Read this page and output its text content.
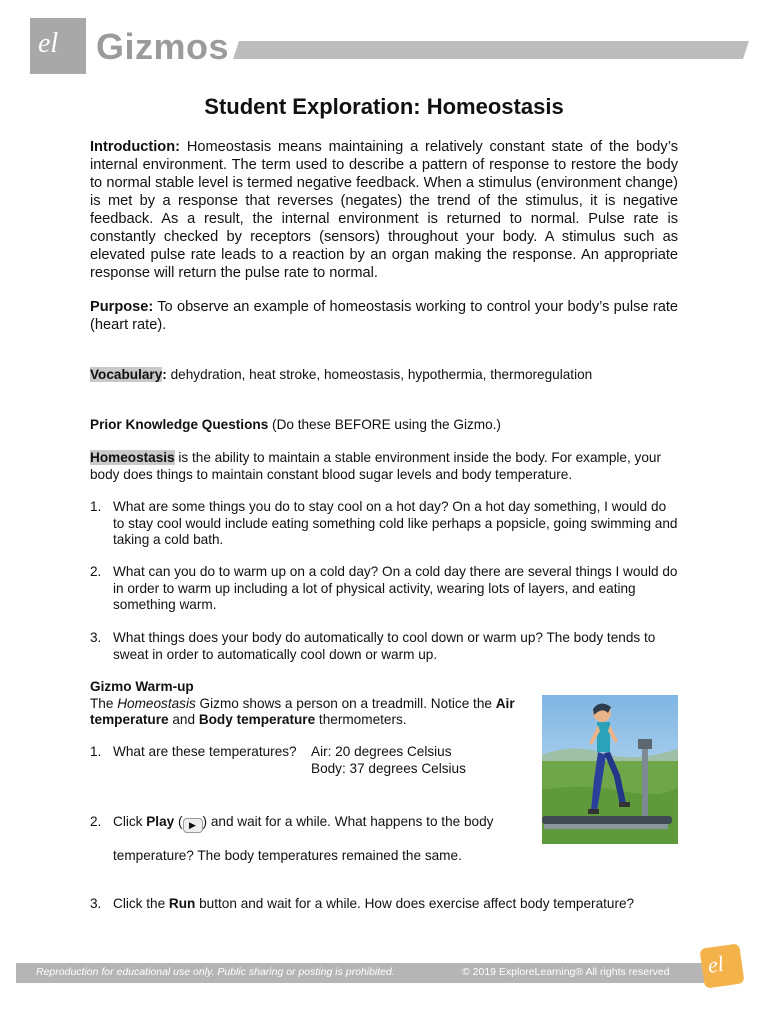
el Gizmos
Student Exploration: Homeostasis
Introduction: Homeostasis means maintaining a relatively constant state of the body’s internal environment. The term used to describe a pattern of response to restore the body to normal stable level is termed negative feedback. When a stimulus (environment change) is met by a response that reverses (negates) the trend of the stimulus, it is negative feedback. As a result, the internal environment is returned to normal. Pulse rate is constantly checked by receptors (sensors) throughout your body. A stimulus such as elevated pulse rate leads to a reaction by an organ making the response. An appropriate response will return the pulse rate to normal.
Purpose: To observe an example of homeostasis working to control your body’s pulse rate (heart rate).
Vocabulary: dehydration, heat stroke, homeostasis, hypothermia, thermoregulation
Prior Knowledge Questions (Do these BEFORE using the Gizmo.)
Homeostasis is the ability to maintain a stable environment inside the body. For example, your body does things to maintain constant blood sugar levels and body temperature.
1. What are some things you do to stay cool on a hot day? On a hot day something, I would do to stay cool would include eating something cold like perhaps a popsicle, going swimming and taking a cold bath.
2. What can you do to warm up on a cold day? On a cold day there are several things I would do in order to warm up including a lot of physical activity, wearing lots of layers, and eating something warm.
3. What things does your body do automatically to cool down or warm up? The body tends to sweat in order to automatically cool down or warm up.
Gizmo Warm-up
The Homeostasis Gizmo shows a person on a treadmill. Notice the Air temperature and Body temperature thermometers.
1. What are these temperatures?	Air: 20 degrees Celsius
Body: 37 degrees Celsius
2. Click Play ( ▶ ) and wait for a while. What happens to the body
temperature? The body temperatures remained the same.
3. Click the Run button and wait for a while. How does exercise affect body temperature?
Reproduction for educational use only. Public sharing or posting is prohibited.	© 2019 ExploreLearning® All rights reserved el
